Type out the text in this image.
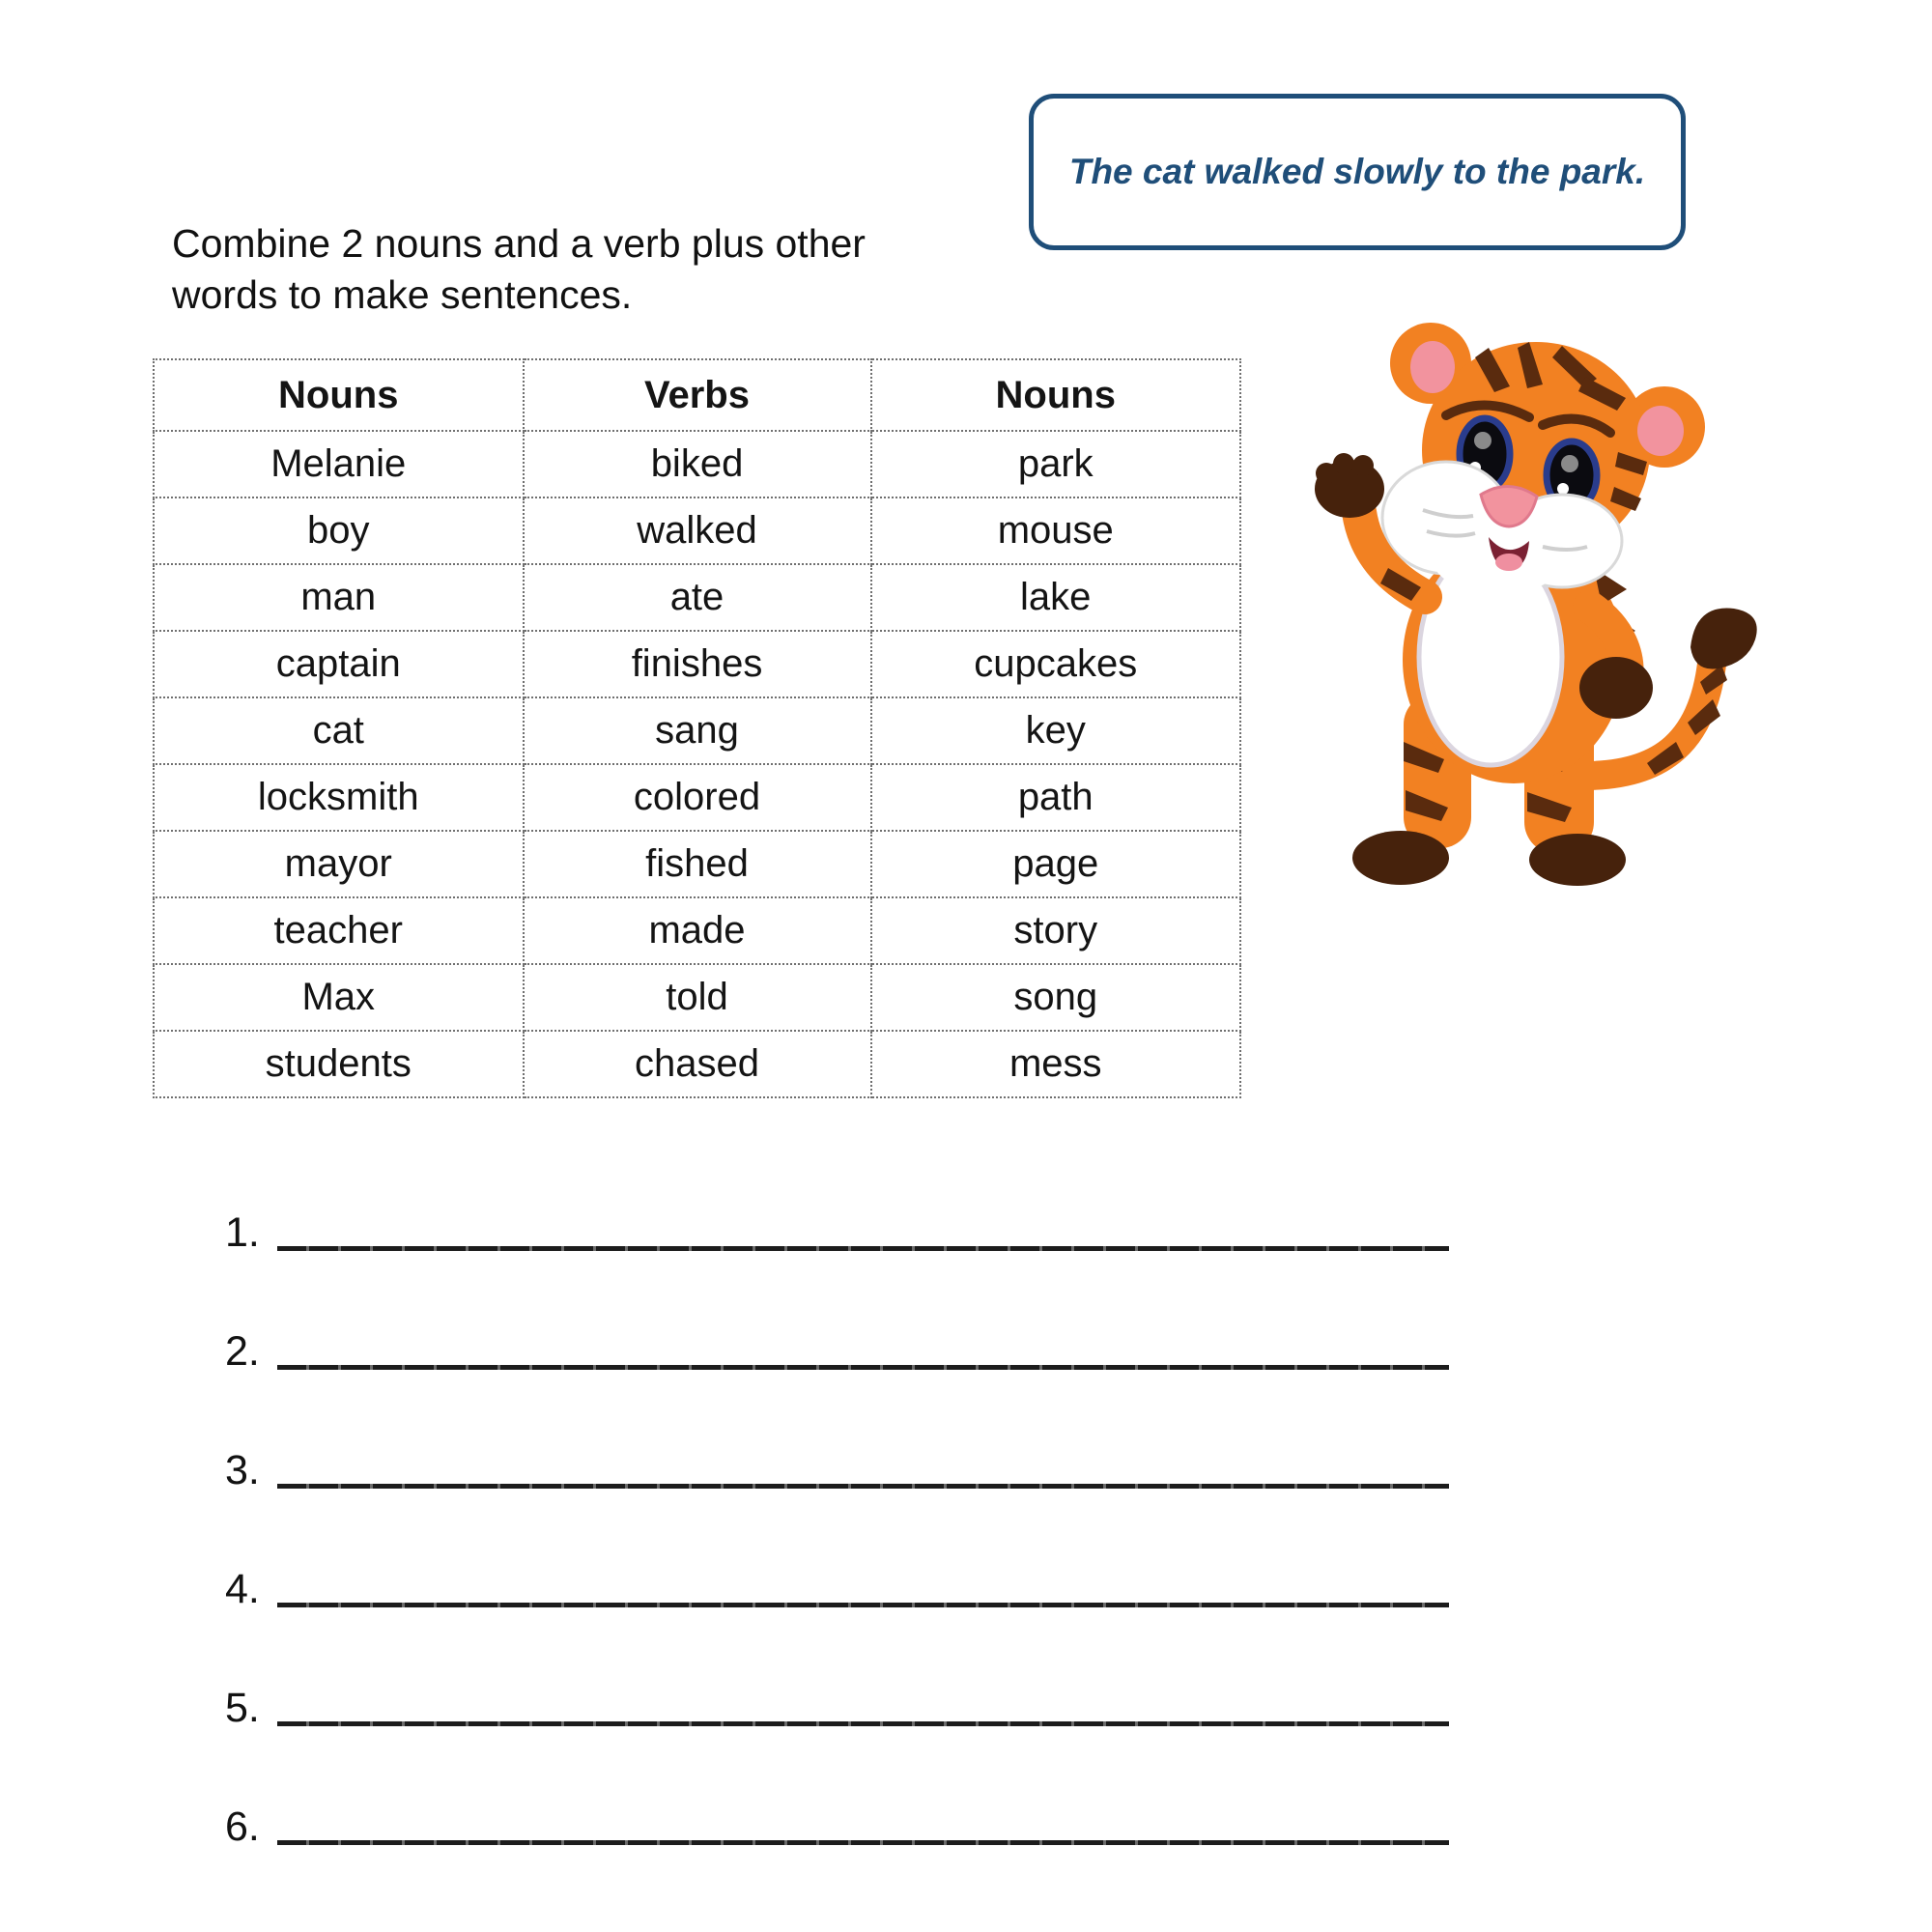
The cat walked slowly to the park.
Combine 2 nouns and a verb plus other words to make sentences.
Nouns	Verbs	Nouns
Melanie	biked	park
boy	walked	mouse
man	ate	lake
captain	finishes	cupcakes
cat	sang	key
locksmith	colored	path
mayor	fished	page
teacher	made	story
Max	told	song
students	chased	mess
1.
2.
3.
4.
5.
6.
